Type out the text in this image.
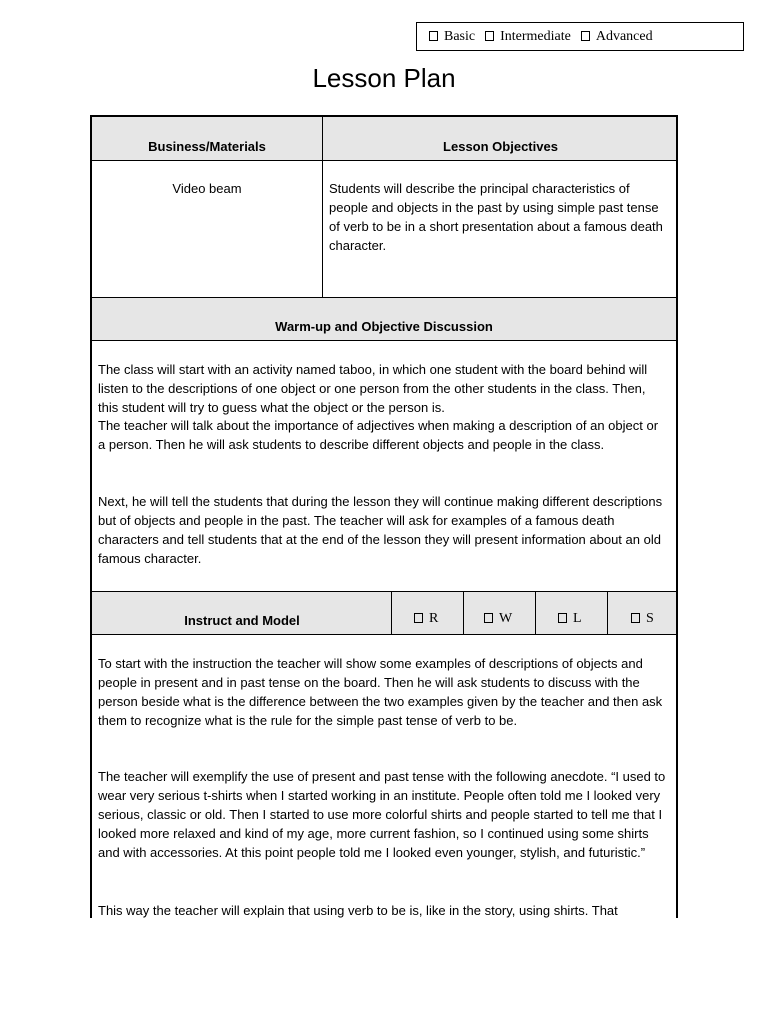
Basic	Intermediate	Advanced
Lesson Plan
Business/Materials	Lesson Objectives
Video beam	Students will describe the principal characteristics of people and objects in the past by using simple past tense of verb to be in a short presentation about a famous death character.

Warm-up and Objective Discussion

The class will start with an activity named taboo, in which one student with the board behind will listen to the descriptions of one object or one person from the other students in the class. Then, this student will try to guess what the object or the person is.

The teacher will talk about the importance of adjectives when making a description of an object or a person. Then he will ask students to describe different objects and people in the class.

Next, he will tell the students that during the lesson they will continue making different descriptions but of objects and people in the past. The teacher will ask for examples of a famous death characters and tell students that at the end of the lesson they will present information about an old famous character.

Instruct and Model	R	W	L	S

To start with the instruction the teacher will show some examples of descriptions of objects and people in present and in past tense on the board. Then he will ask students to discuss with the person beside what is the difference between the two examples given by the teacher and then ask them to recognize what is the rule for the simple past tense of verb to be.

The teacher will exemplify the use of present and past tense with the following anecdote. “I used to wear very serious t-shirts when I started working in an institute. People often told me I looked very serious, classic or old. Then I started to use more colorful shirts and people started to tell me that I looked more relaxed and kind of my age, more current fashion, so I continued using some shirts and with accessories. At this point people told me I looked even younger, stylish, and futuristic.”

This way the teacher will explain that using verb to be is, like in the story, using shirts. That
